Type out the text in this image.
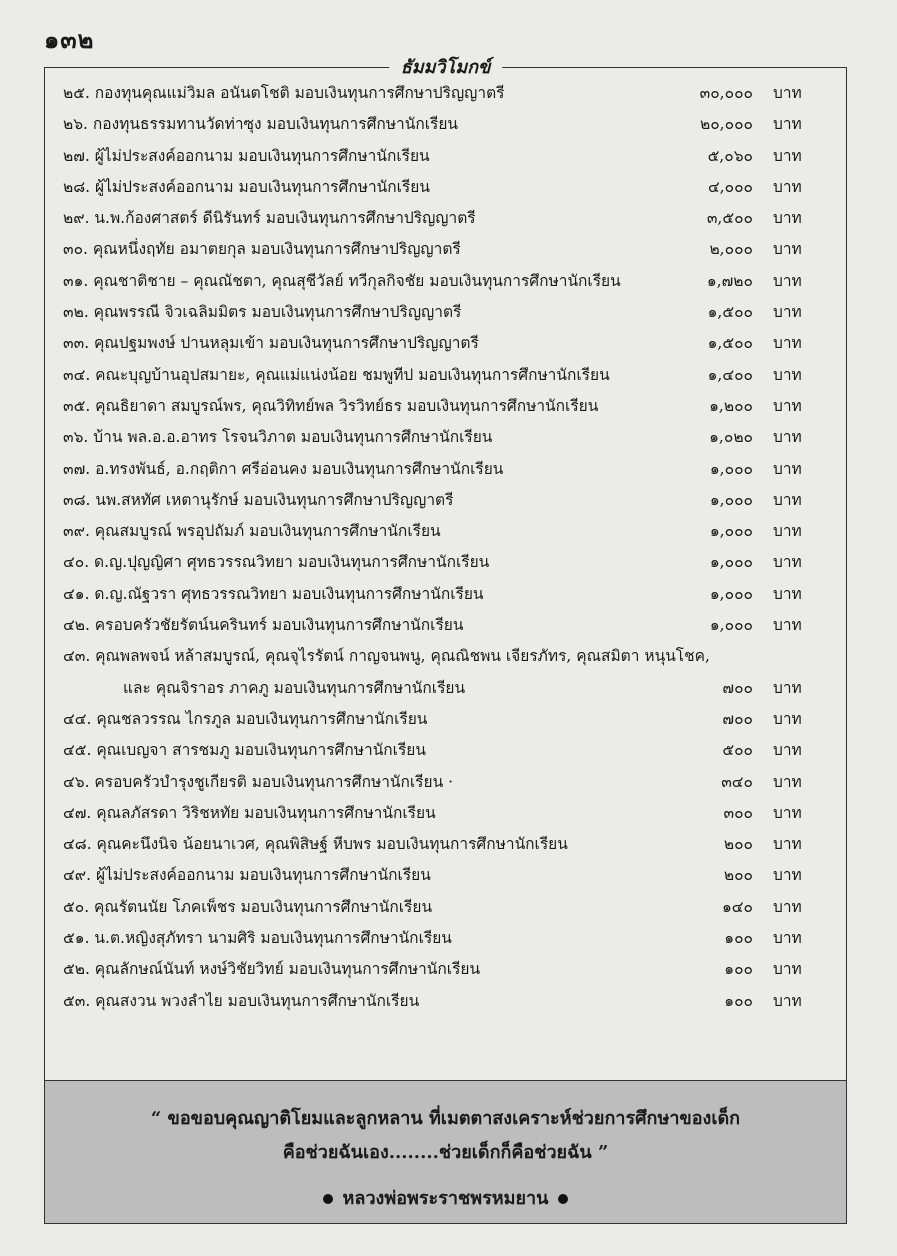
๑๓๒
ธัมมวิโมกข์
๒๕. กองทุนคุณแม่วิมล อนันตโชติ มอบเงินทุนการศึกษาปริญญาตรี	๓๐,๐๐๐ บาท
๒๖. กองทุนธรรมทานวัดท่าซุง มอบเงินทุนการศึกษานักเรียน	๒๐,๐๐๐ บาท
๒๗. ผู้ไม่ประสงค์ออกนาม มอบเงินทุนการศึกษานักเรียน	๕,๐๖๐ บาท
๒๘. ผู้ไม่ประสงค์ออกนาม มอบเงินทุนการศึกษานักเรียน	๔,๐๐๐ บาท
๒๙. น.พ.ก้องศาสตร์ ดีนิรันทร์ มอบเงินทุนการศึกษาปริญญาตรี	๓,๕๐๐ บาท
๓๐. คุณหนึ่งฤทัย อมาตยกุล มอบเงินทุนการศึกษาปริญญาตรี	๒,๐๐๐ บาท
๓๑. คุณชาติชาย – คุณณัชตา, คุณสุชีวัลย์ ทวีกุลกิจชัย มอบเงินทุนการศึกษานักเรียน	๑,๗๒๐ บาท
๓๒. คุณพรรณี จิวเฉลิมมิตร มอบเงินทุนการศึกษาปริญญาตรี	๑,๕๐๐ บาท
๓๓. คุณปฐมพงษ์ ปานหลุมเข้า มอบเงินทุนการศึกษาปริญญาตรี	๑,๕๐๐ บาท
๓๔. คณะบุญบ้านอุปสมายะ, คุณแม่แน่งน้อย ชมพูทีป มอบเงินทุนการศึกษานักเรียน	๑,๔๐๐ บาท
๓๕. คุณธิยาดา สมบูรณ์พร, คุณวิทิทย์พล วิรวิทย์ธร มอบเงินทุนการศึกษานักเรียน	๑,๒๐๐ บาท
๓๖. บ้าน พล.อ.อ.อาทร โรจนวิภาต มอบเงินทุนการศึกษานักเรียน	๑,๐๒๐ บาท
๓๗. อ.ทรงพันธ์, อ.กฤติกา ศรีอ่อนคง มอบเงินทุนการศึกษานักเรียน	๑,๐๐๐ บาท
๓๘. นพ.สหทัศ เหตานุรักษ์ มอบเงินทุนการศึกษาปริญญาตรี	๑,๐๐๐ บาท
๓๙. คุณสมบูรณ์ พรอุปถัมภ์ มอบเงินทุนการศึกษานักเรียน	๑,๐๐๐ บาท
๔๐. ด.ญ.ปุญญิศา ศุทธวรรณวิทยา มอบเงินทุนการศึกษานักเรียน	๑,๐๐๐ บาท
๔๑. ด.ญ.ณัฐวรา ศุทธวรรณวิทยา มอบเงินทุนการศึกษานักเรียน	๑,๐๐๐ บาท
๔๒. ครอบครัวชัยรัตน์นครินทร์ มอบเงินทุนการศึกษานักเรียน	๑,๐๐๐ บาท
๔๓. คุณพลพจน์ หล้าสมบูรณ์, คุณจุไรรัตน์ กาญจนพนู, คุณณิชพน เจียรภัทร, คุณสมิตา หนุนโชค,
และ คุณจิราอร ภาคภู มอบเงินทุนการศึกษานักเรียน	๗๐๐ บาท
๔๔. คุณชลวรรณ ไกรภูล มอบเงินทุนการศึกษานักเรียน	๗๐๐ บาท
๔๕. คุณเบญจา สารชมภู มอบเงินทุนการศึกษานักเรียน	๕๐๐ บาท
๔๖. ครอบครัวบำรุงชูเกียรติ มอบเงินทุนการศึกษานักเรียน ·	๓๔๐ บาท
๔๗. คุณลภัสรดา วิริชหทัย มอบเงินทุนการศึกษานักเรียน	๓๐๐ บาท
๔๘. คุณคะนึงนิจ น้อยนาเวศ, คุณพิสิษฐ์ หีบพร มอบเงินทุนการศึกษานักเรียน	๒๐๐ บาท
๔๙. ผู้ไม่ประสงค์ออกนาม มอบเงินทุนการศึกษานักเรียน	๒๐๐ บาท
๕๐. คุณรัตนนัย โภคเพ็ชร มอบเงินทุนการศึกษานักเรียน	๑๔๐ บาท
๕๑. น.ต.หญิงสุภัทรา นามศิริ มอบเงินทุนการศึกษานักเรียน	๑๐๐ บาท
๕๒. คุณลักษณ์นันท์ หงษ์วิชัยวิทย์ มอบเงินทุนการศึกษานักเรียน	๑๐๐ บาท
๕๓. คุณสงวน พวงลำไย มอบเงินทุนการศึกษานักเรียน	๑๐๐ บาท
“ ขอขอบคุณญาติโยมและลูกหลาน ที่เมตตาสงเคราะห์ช่วยการศึกษาของเด็ก
คือช่วยฉันเอง........ช่วยเด็กก็คือช่วยฉัน ”
หลวงพ่อพระราชพรหมยาน
